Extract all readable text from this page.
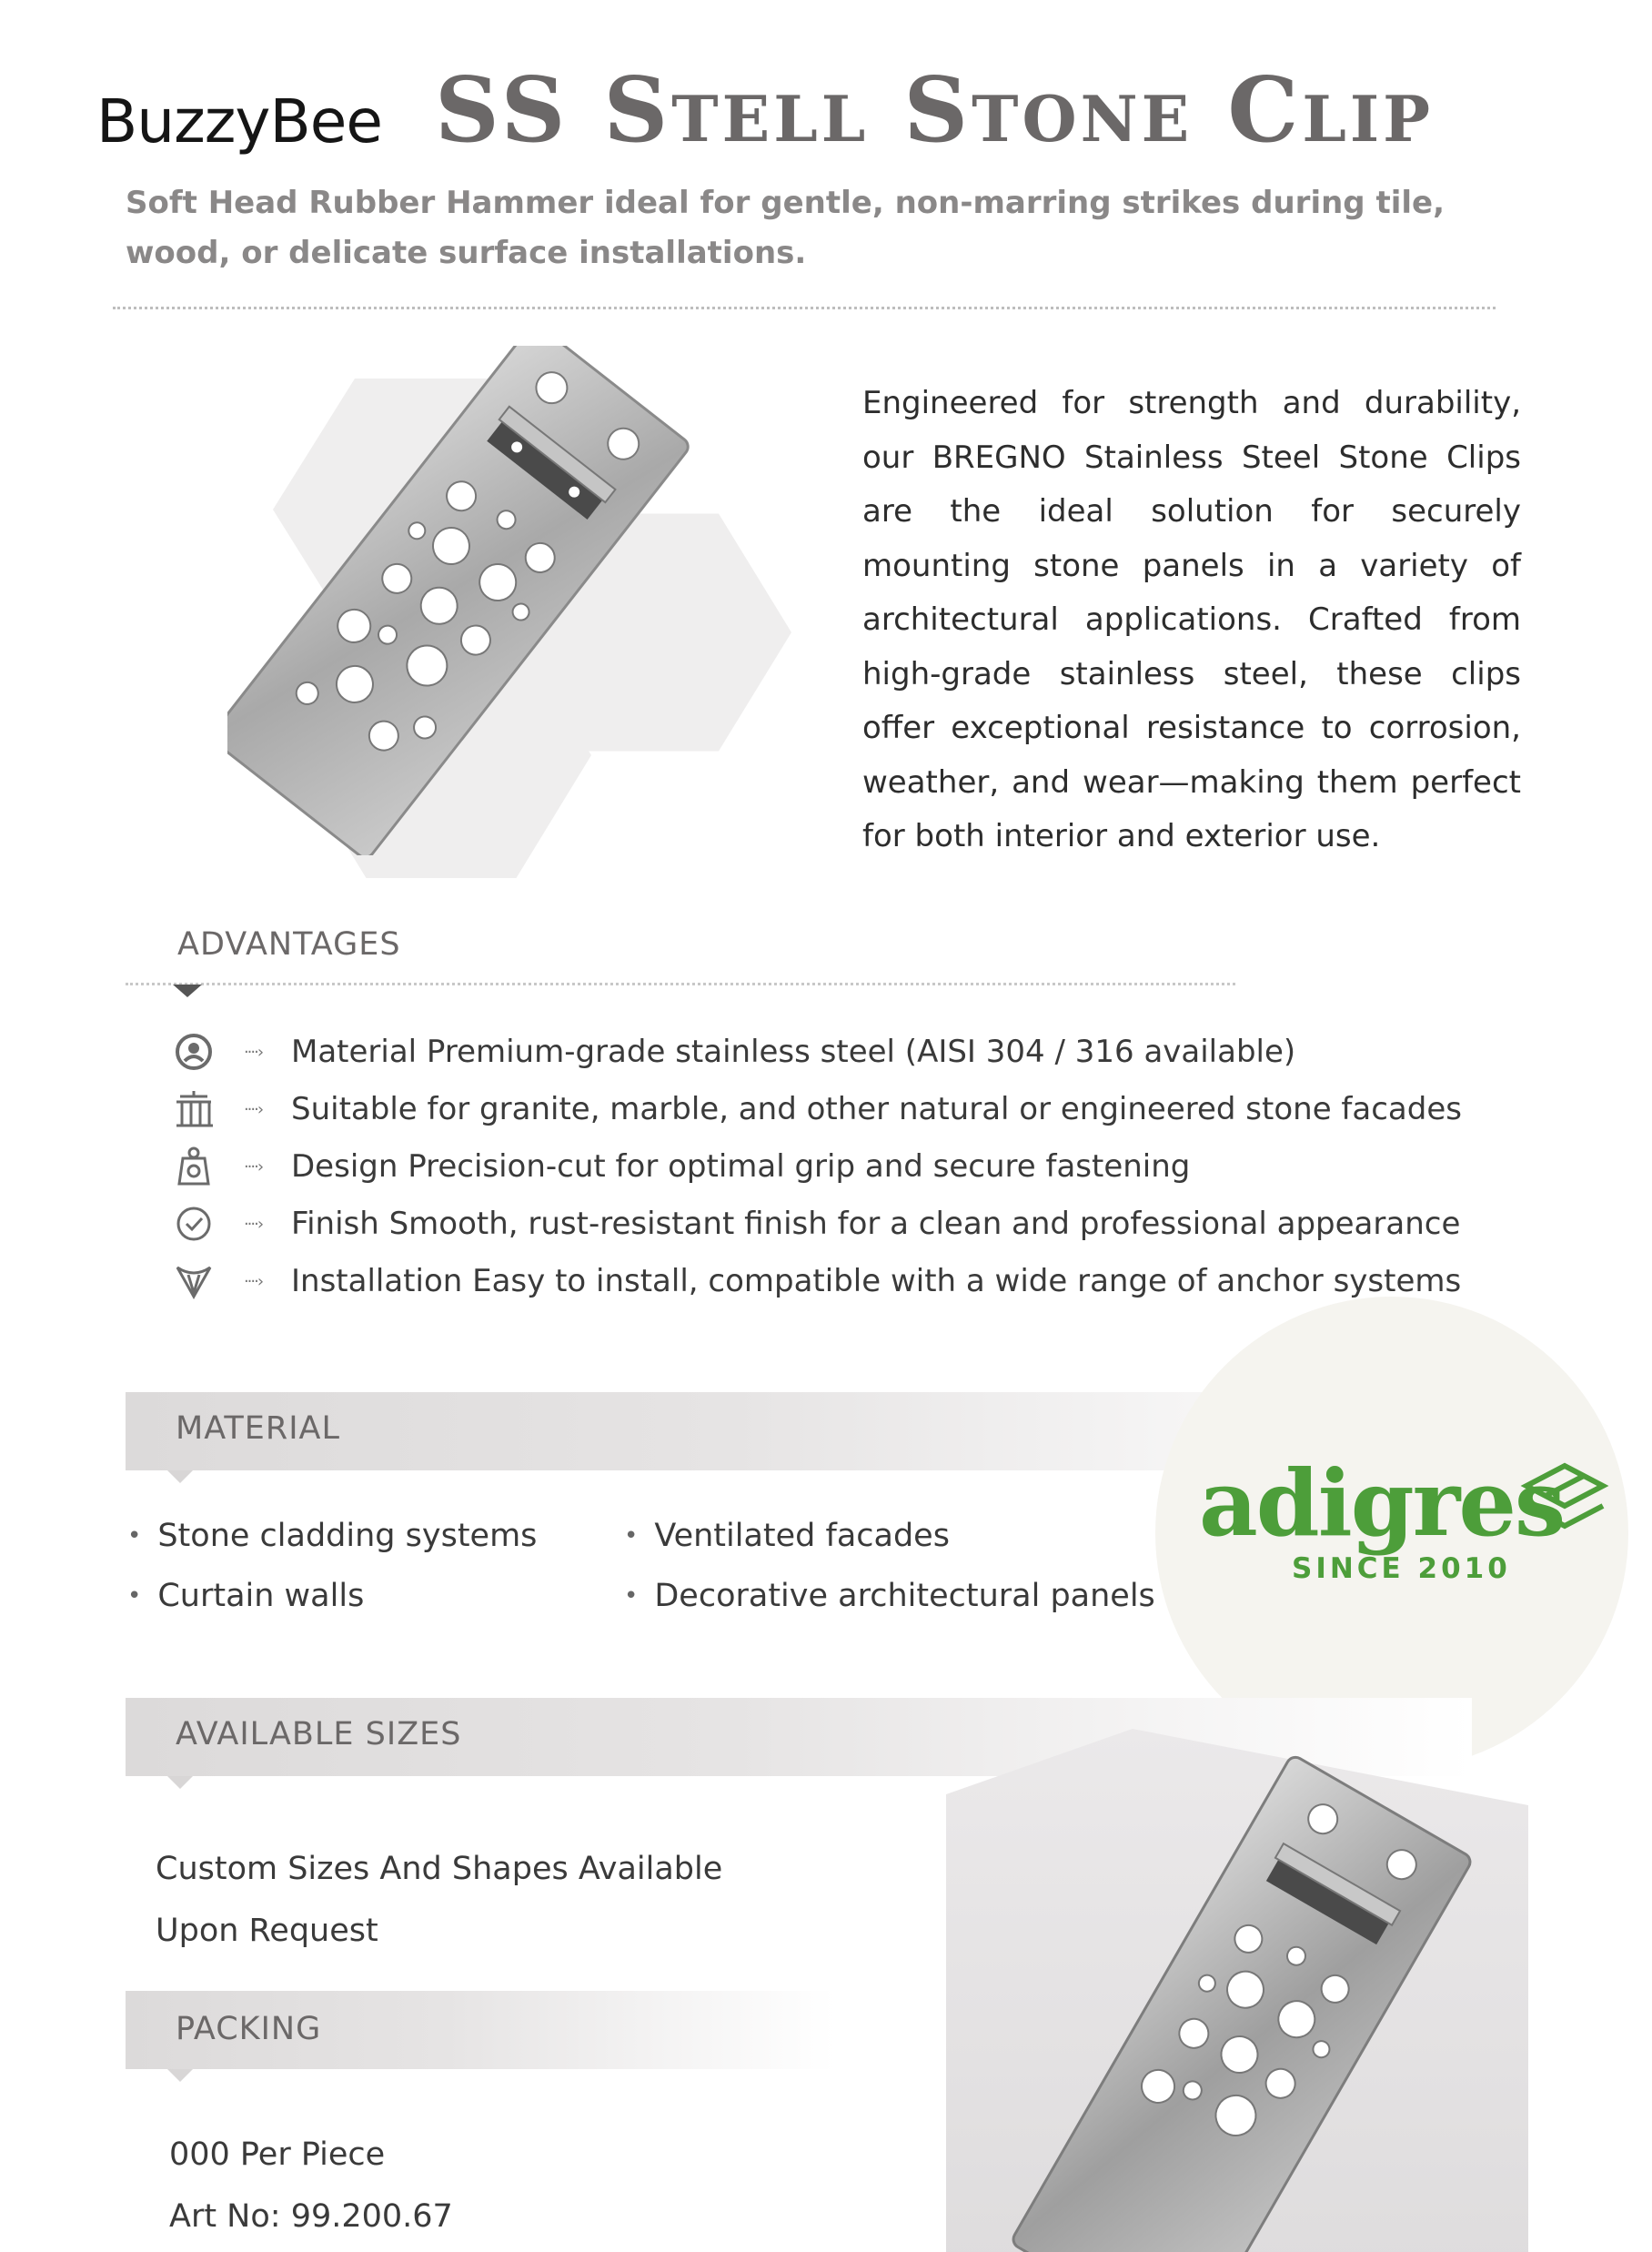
BuzzyBee SS Stell Stone Clip
Soft Head Rubber Hammer ideal for gentle, non-marring strikes during tile, wood, or delicate surface installations.
Engineered for strength and durability, our BREGNO Stainless Steel Stone Clips are the ideal solution for securely mounting stone panels in a variety of architectural applications. Crafted from high-grade stainless steel, these clips offer exceptional resistance to corrosion, weather, and wear—making them perfect for both interior and exterior use.
ADVANTAGES
····› Material Premium-grade stainless steel (AISI 304 / 316 available)
····› Suitable for granite, marble, and other natural or engineered stone facades
····› Design Precision-cut for optimal grip and secure fastening
····› Finish Smooth, rust-resistant finish for a clean and professional appearance
····› Installation Easy to install, compatible with a wide range of anchor systems
MATERIAL
• Stone cladding systems
• Curtain walls
• Ventilated facades
• Decorative architectural panels
adigres
SINCE 2010
AVAILABLE SIZES
Custom Sizes And Shapes Available
Upon Request
PACKING
000 Per Piece
Art No: 99.200.67
